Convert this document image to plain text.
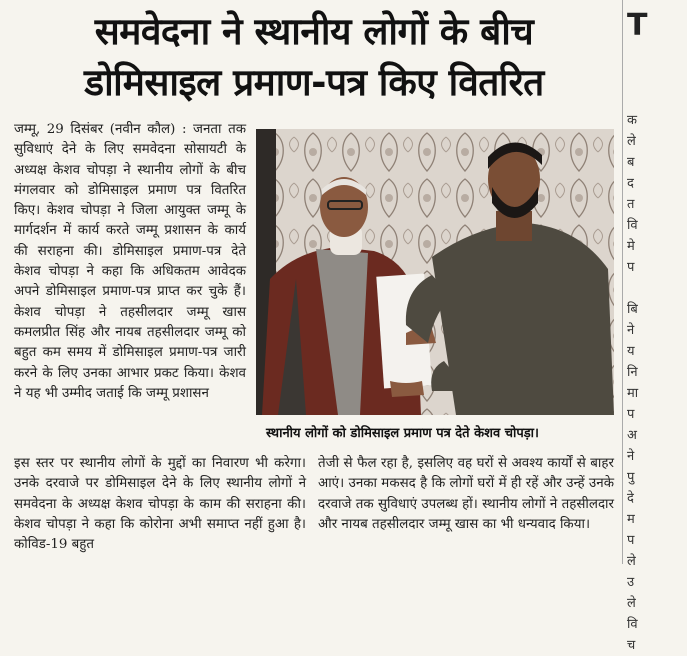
समवेदना ने स्थानीय लोगों के बीच
डोमिसाइल प्रमाण-पत्र किए वितरित
जम्मू, 29 दिसंबर (नवीन कौल) : जनता तक सुविधाएं देने के लिए समवेदना सोसायटी के अध्यक्ष केशव चोपड़ा ने स्थानीय लोगों के बीच मंगलवार को डोमिसाइल प्रमाण पत्र वितरित किए। केशव चोपड़ा ने जिला आयुक्त जम्मू के मार्गदर्शन में कार्य करते जम्मू प्रशासन के कार्य की सराहना की। डोमिसाइल प्रमाण-पत्र देते केशव चोपड़ा ने कहा कि अधिकतम आवेदक अपने डोमिसाइल प्रमाण-पत्र प्राप्त कर चुके हैं। केशव चोपड़ा ने तहसीलदार जम्मू खास कमलप्रीत सिंह और नायब तहसीलदार जम्मू को बहुत कम समय में डोमिसाइल प्रमाण-पत्र जारी करने के लिए उनका आभार प्रकट किया। केशव ने यह भी उम्मीद जताई कि जम्मू प्रशासन
स्थानीय लोगों को डोमिसाइल प्रमाण पत्र देते केशव चोपड़ा।
इस स्तर पर स्थानीय लोगों के मुद्दों का निवारण भी करेगा। उनके दरवाजे पर डोमिसाइल देने के लिए स्थानीय लोगों ने समवेदना के अध्यक्ष केशव चोपड़ा के काम की सराहना की। केशव चोपड़ा ने कहा कि कोरोना अभी समाप्त नहीं हुआ है। कोविड-19 बहुत
तेजी से फैल रहा है, इसलिए वह घरों से अवश्य कार्यों से बाहर आएं। उनका मकसद है कि लोगों घरों में ही रहें और उन्हें उनके दरवाजे तक सुविधाएं उपलब्ध हों। स्थानीय लोगों ने तहसीलदार और नायब तहसीलदार जम्मू खास का भी धन्यवाद किया।
T
क
ले
ब
द
त
वि
मे
प

बि
ने
य
नि
मा
प
अ
ने
पु
दे
म
प
ले
उ
ले
वि
च
